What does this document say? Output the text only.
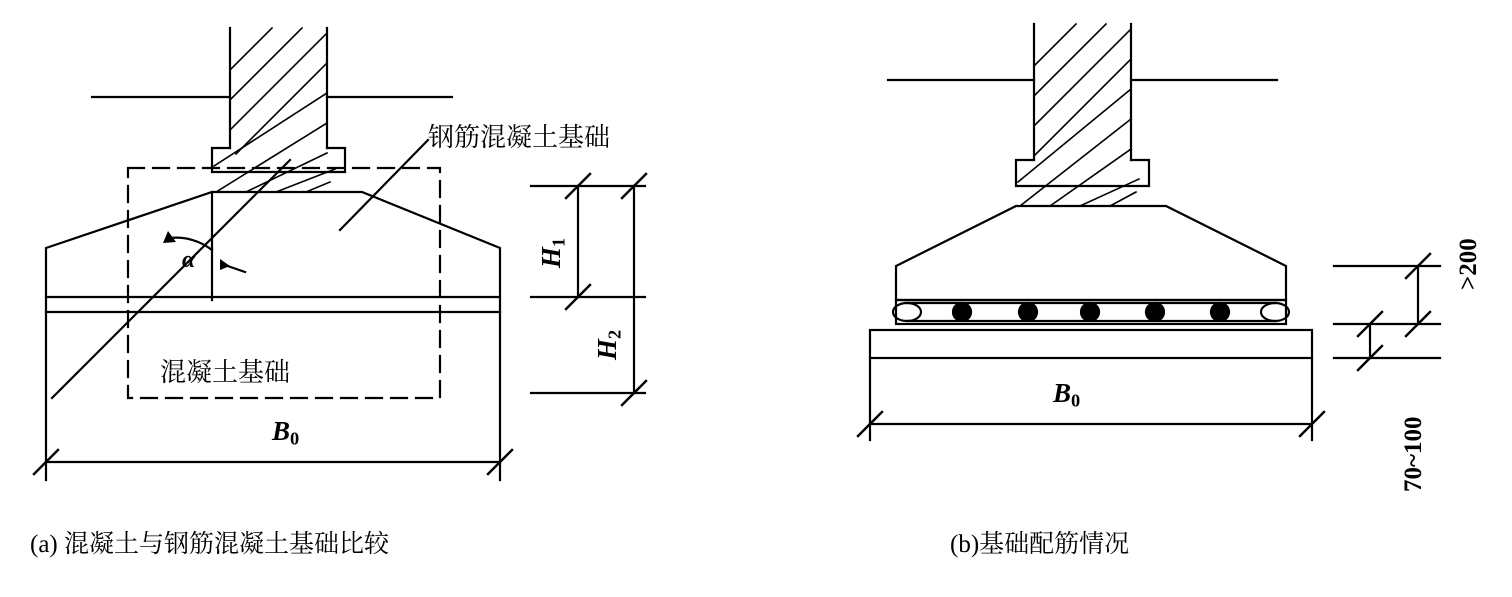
钢筋混凝土基础
混凝土基础
α
$B_0$
$B_0$
$H_1$
$H_2$
>200
70~100
(a) 混凝土与钢筋混凝土基础比较	(b)基础配筋情况
